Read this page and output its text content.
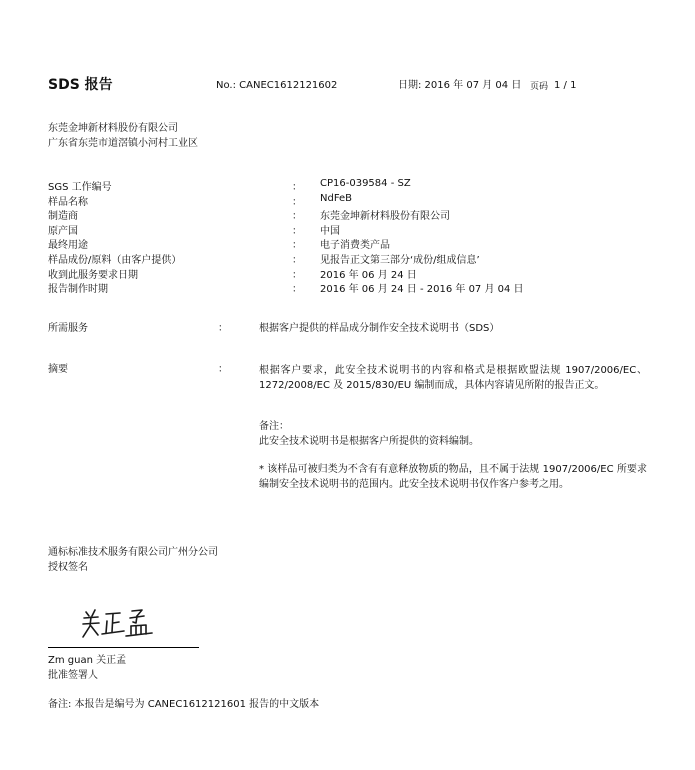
SDS 报告	No.: CANEC1612121602	日期: 2016 年 07 月 04 日 页码 1 / 1
东莞金坤新材料股份有限公司
广东省东莞市道滘镇小河村工业区
SGS 工作编号	： CP16-039584 - SZ
样品名称	： NdFeB
制造商	： 东莞金坤新材料股份有限公司
原产国	： 中国
最终用途	： 电子消费类产品
样品成份/原料（由客户提供）	： 见报告正文第三部分‘成份/组成信息’
收到此服务要求日期	： 2016 年 06 月 24 日
报告制作时期	： 2016 年 06 月 24 日 - 2016 年 07 月 04 日
所需服务	：	根据客户提供的样品成分制作安全技术说明书（SDS）
摘要	：	根据客户要求，此安全技术说明书的内容和格式是根据欧盟法规 1907/2006/EC、1272/2008/EC 及 2015/830/EU 编制而成，具体内容请见所附的报告正文。
备注：
此安全技术说明书是根据客户所提供的资料编制。
* 该样品可被归类为不含有有意释放物质的物品，且不属于法规 1907/2006/EC 所要求编制安全技术说明书的范围内。此安全技术说明书仅作客户参考之用。
通标标准技术服务有限公司广州分公司
授权签名
Zm guan 关正孟
批准签署人
备注: 本报告是编号为 CANEC1612121601 报告的中文版本
